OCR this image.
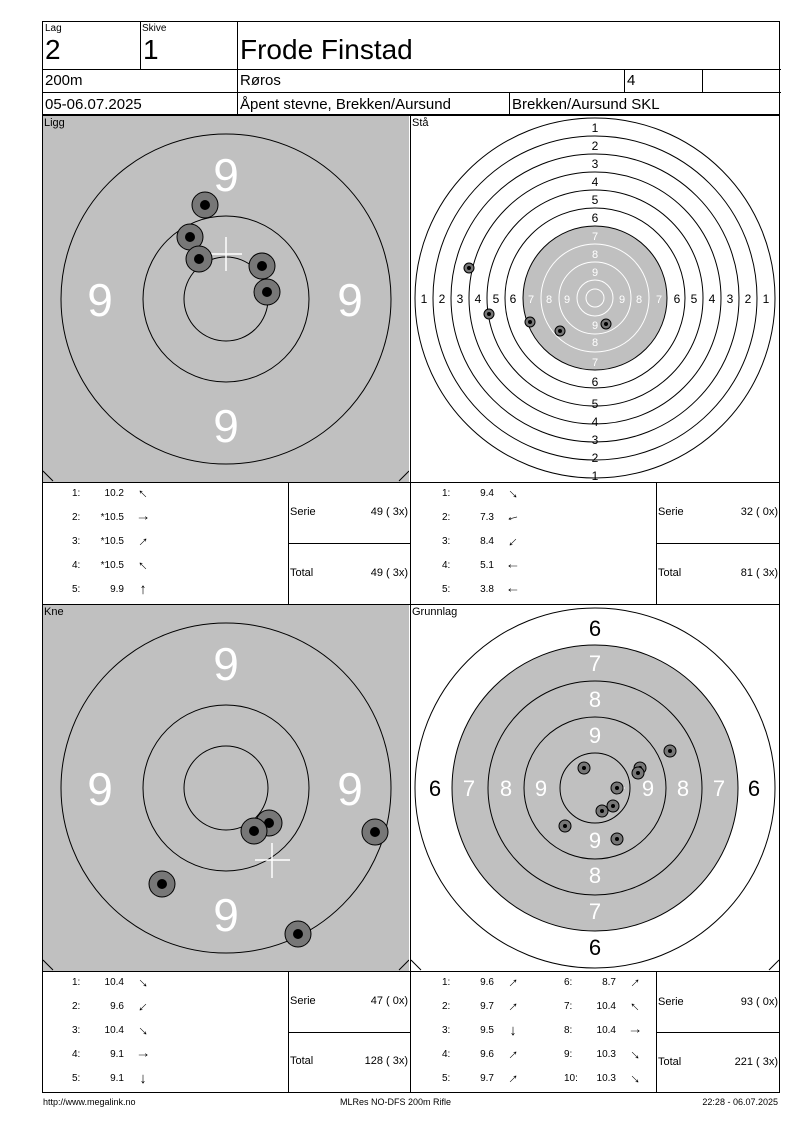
Lag
2
Skive
1	Frode Finstad
200m	Røros	4
05-06.07.2025	Åpent stevne, Brekken/Aursund	Brekken/Aursund SKL
9
9	9
9
Ligg	1
2
3
4
5
6
1
2
3
4
5
6
1 2 3 4 5 6	1
2
3
4
5
6
7
8
9
7
8
9
7 8 9	7
8
9
Stå
9
9	9
9
Kne
6
6
6	6
7
8
9
7
8
9
7 8 9	7
8
9
Grunnlag
1:	10.2
2:	*10.5
3:	*10.5
4:	*10.5
5:	9.9
Serie	49 ( 3x)
Total	49 ( 3x)
1:	9.4
2:	7.3
3:	8.4
4:	5.1
5:	3.8
Serie	32 ( 0x)
Total	81 ( 3x)
1:	10.4
2:	9.6
3:	10.4
4:	9.1
5:	9.1
Serie	47 ( 0x)
Total	128 ( 3x)
1:	9.6
2:	9.7
3:	9.5
4:	9.6
5:	9.7
6:	8.7
7:	10.4
8:	10.4
9:	10.3
10:	10.3
Serie	93 ( 0x)
Total	221 ( 3x)
http://www.megalink.no	MLRes NO-DFS 200m Rifle	22:28 - 06.07.2025
